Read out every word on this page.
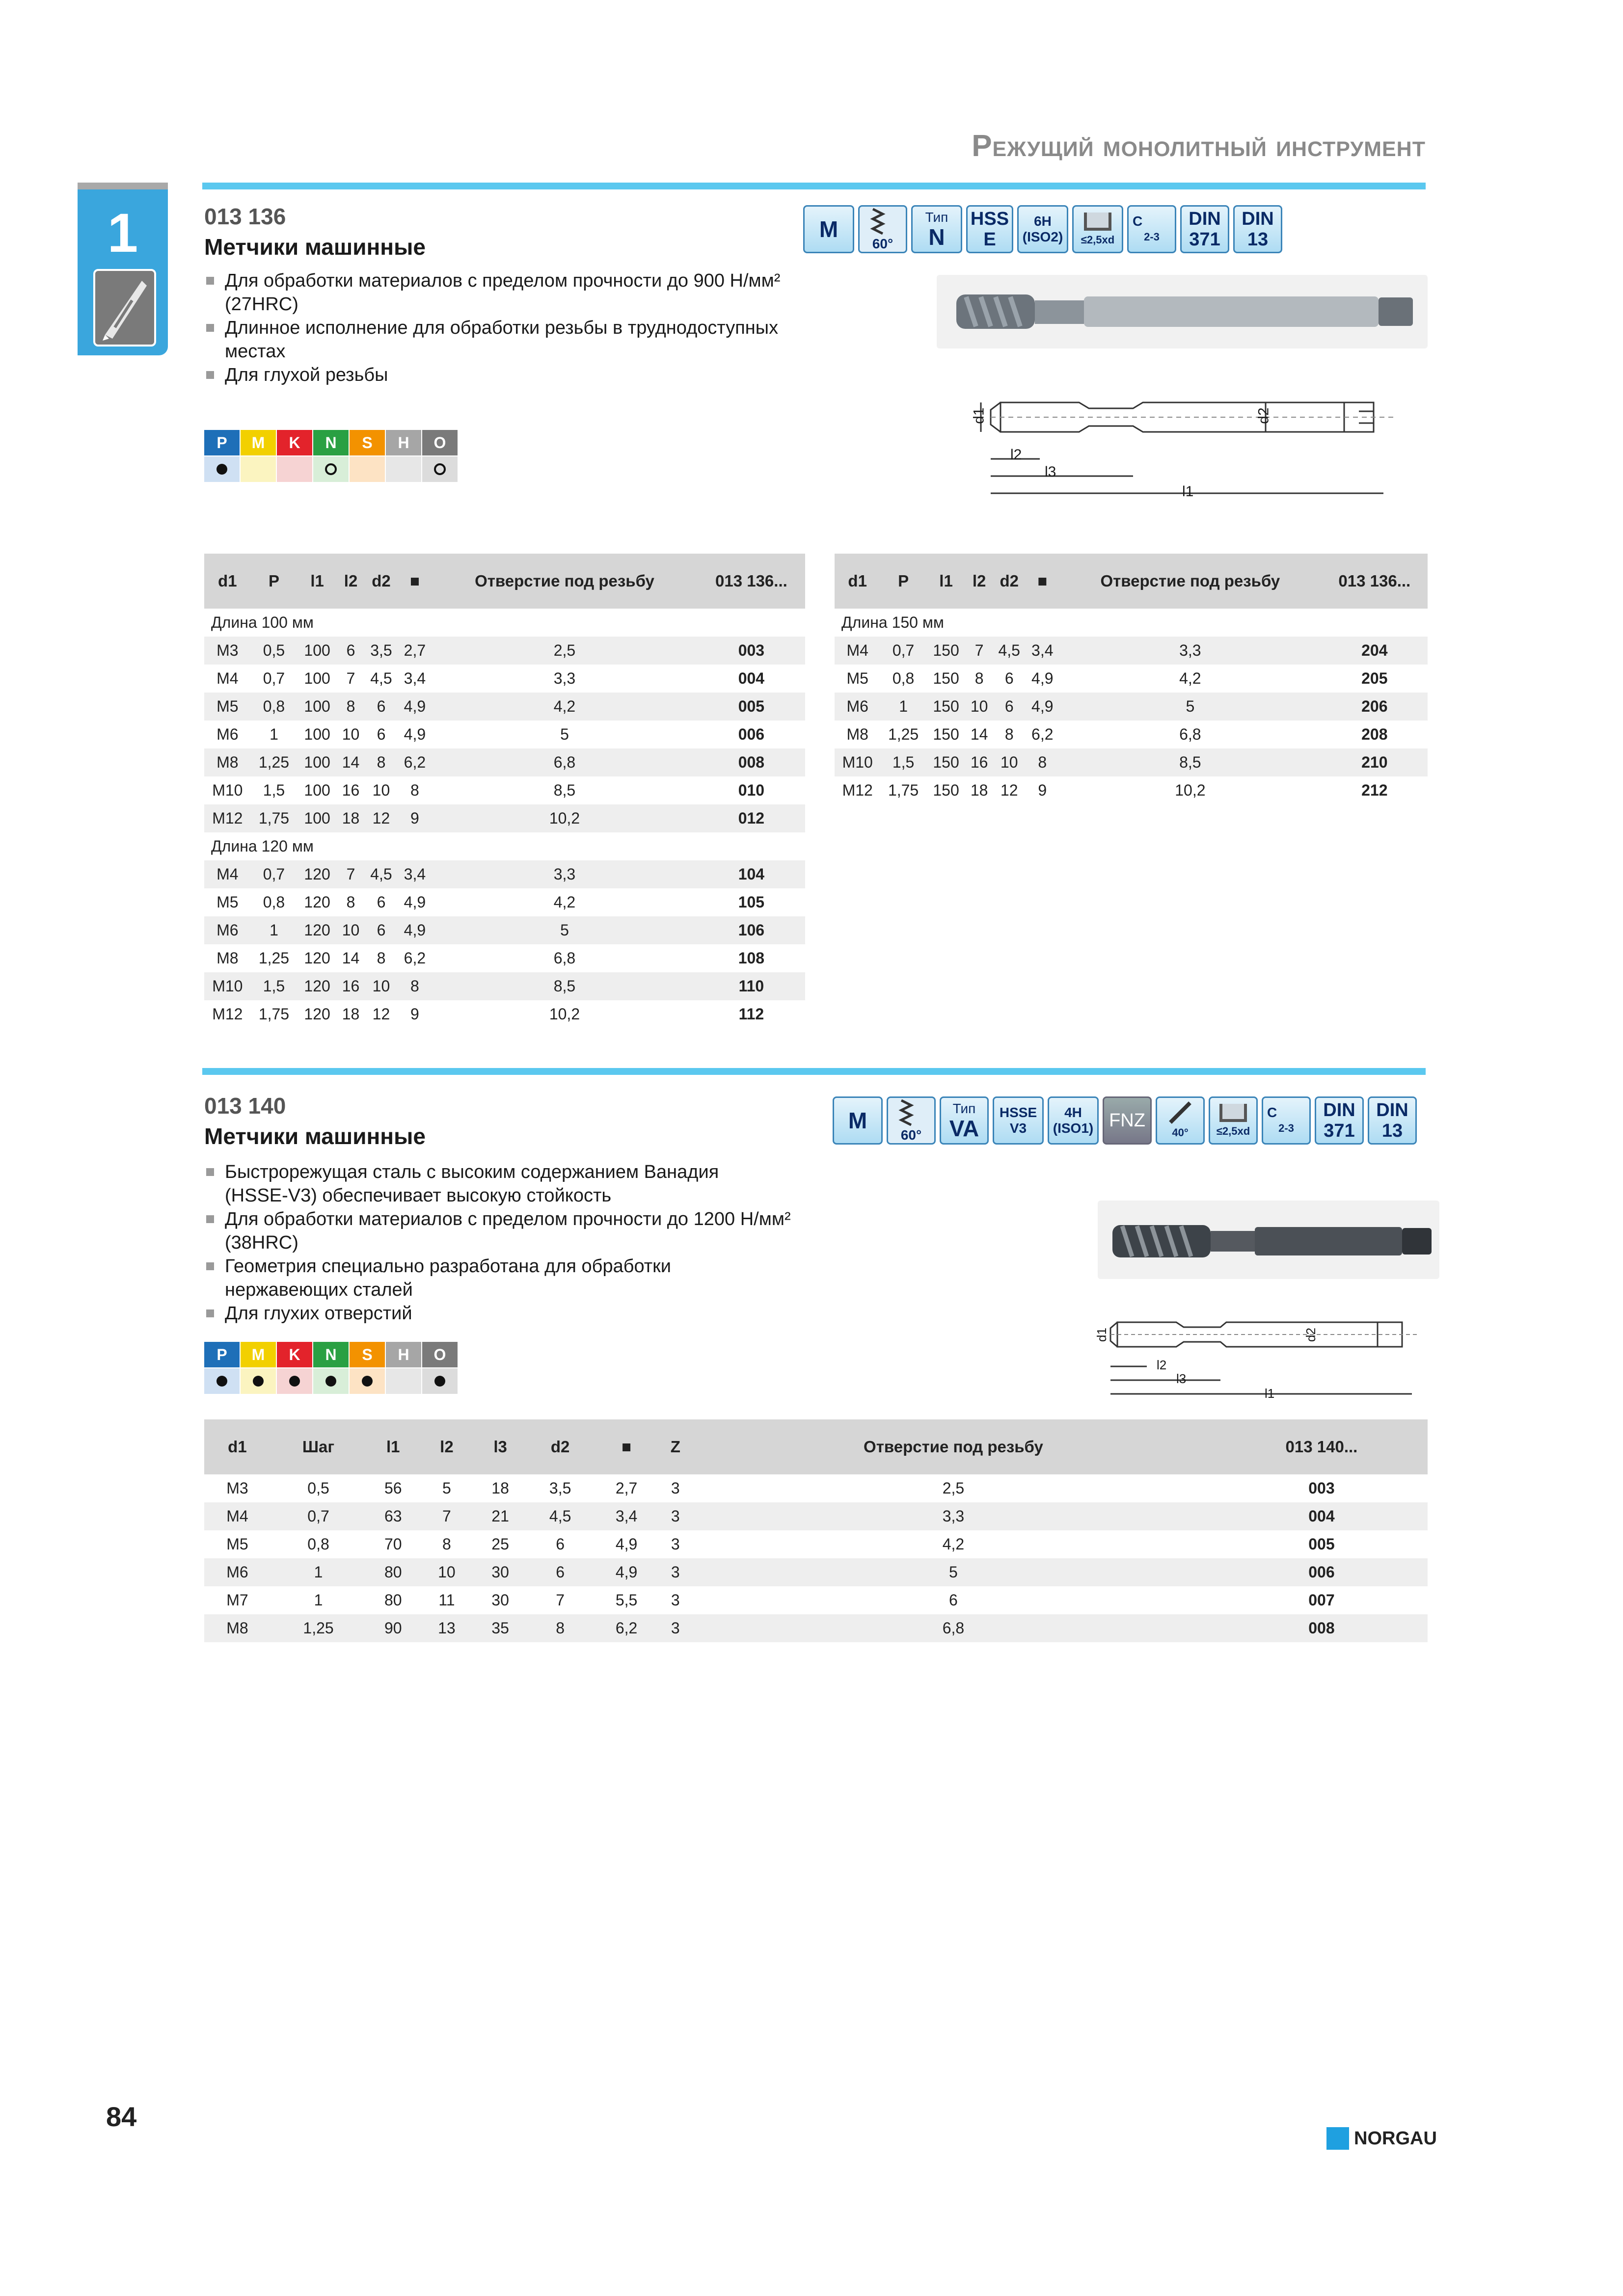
Режущий монолитный инструмент
1	013 136
Метчики машинные
Для обработки материалов с пределом прочности до 900 Н/мм²
(27HRC)
Длинное исполнение для обработки резьбы в труднодоступных
местах
Для глухой резьбы
P	M	K	N	S	H	O
M
60°
Тип
N
HSS
E
6H
(ISO2) ≤2,5xd
C
2-3
DIN
371
DIN
13
d1	d2
l2
l3
l1
d1	P	l1	l2	d2	■	Отверстие под резьбу	013 136...
Длина 100 мм							
M3	0,5	100	6	3,5	2,7	2,5	003
M4	0,7	100	7	4,5	3,4	3,3	004
M5	0,8	100	8	6	4,9	4,2	005
M6	1	100	10	6	4,9	5	006
M8	1,25	100	14	8	6,2	6,8	008
M10	1,5	100	16	10	8	8,5	010
M12	1,75	100	18	12	9	10,2	012
Длина 120 мм							
M4	0,7	120	7	4,5	3,4	3,3	104
M5	0,8	120	8	6	4,9	4,2	105
M6	1	120	10	6	4,9	5	106
M8	1,25	120	14	8	6,2	6,8	108
M10	1,5	120	16	10	8	8,5	110
M12	1,75	120	18	12	9	10,2	112
d1	P	l1	l2	d2	■	Отверстие под резьбу	013 136...
Длина 150 мм							
M4	0,7	150	7	4,5	3,4	3,3	204
M5	0,8	150	8	6	4,9	4,2	205
M6	1	150	10	6	4,9	5	206
M8	1,25	150	14	8	6,2	6,8	208
M10	1,5	150	16	10	8	8,5	210
M12	1,75	150	18	12	9	10,2	212
013 140
Метчики машинные
Быстрорежущая сталь с высоким содержанием Ванадия
(HSSE-V3) обеспечивает высокую стойкость
Для обработки материалов с пределом прочности до 1200 Н/мм²
(38HRC)
Геометрия специально разработана для обработки
нержавеющих сталей
Для глухих отверстий
P	M	K	N	S	H	O
M
60°
Тип
VA
HSSE
V3
4H
(ISO1) FNZ
40°	≤2,5xd
C
2-3
DIN
371
DIN
13
d1	d2
l2
l3
l1
d1	Шаг	l1	l2	l3	d2	■	Z	Отверстие под резьбу	013 140...
M3	0,5	56	5	18	3,5	2,7	3	2,5	003
M4	0,7	63	7	21	4,5	3,4	3	3,3	004
M5	0,8	70	8	25	6	4,9	3	4,2	005
M6	1	80	10	30	6	4,9	3	5	006
M7	1	80	11	30	7	5,5	3	6	007
M8	1,25	90	13	35	8	6,2	3	6,8	008
84
NORGAU
